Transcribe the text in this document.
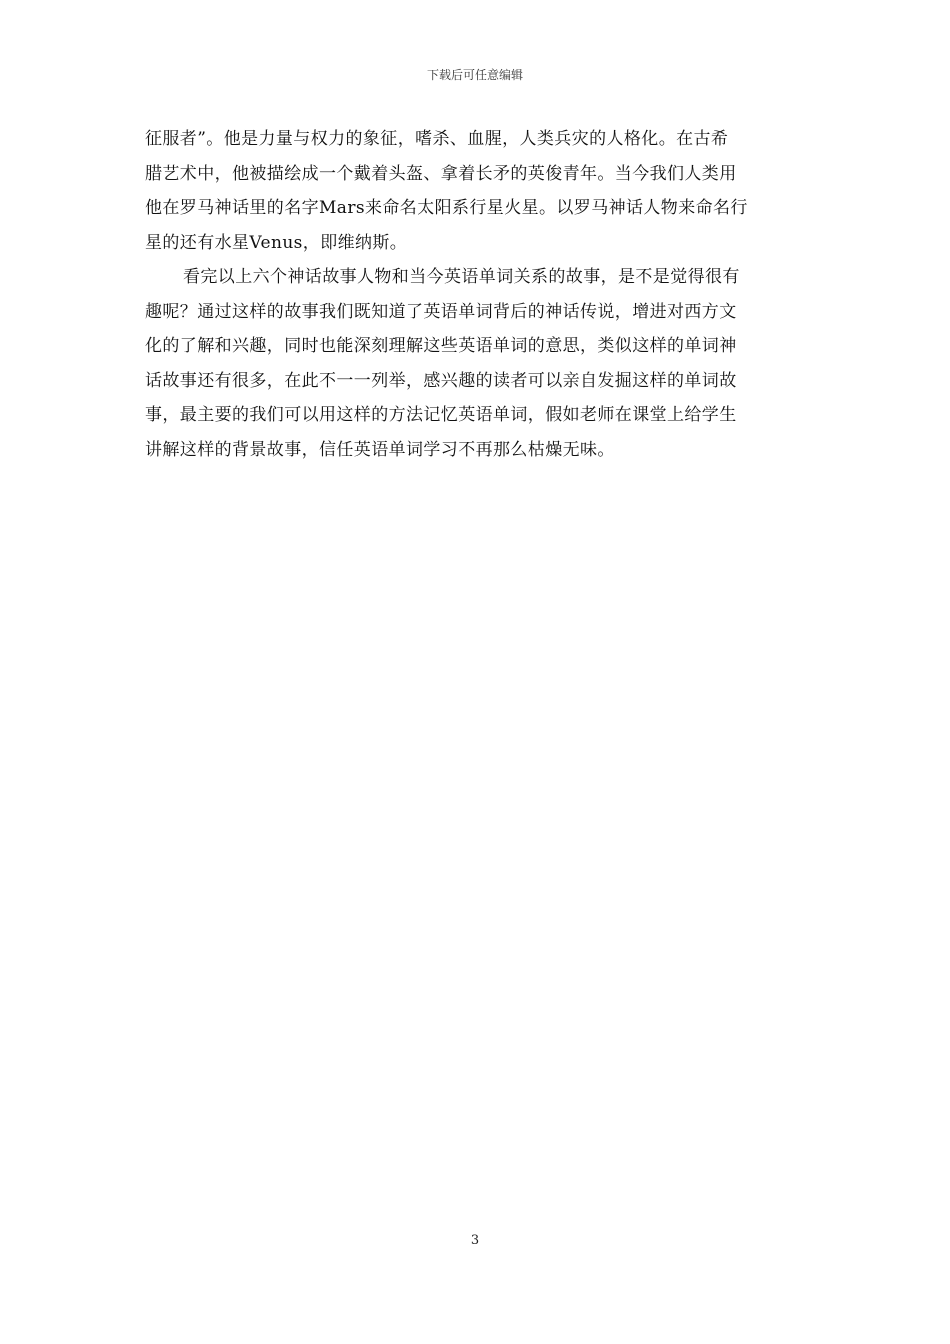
下载后可任意编辑
征服者”。他是力量与权力的象征，嗜杀、血腥，人类兵灾的人格化。在古希
腊艺术中，他被描绘成一个戴着头盔、拿着长矛的英俊青年。当今我们人类用
他在罗马神话里的名字Mars来命名太阳系行星火星。以罗马神话人物来命名行
星的还有水星Venus，即维纳斯。
看完以上六个神话故事人物和当今英语单词关系的故事，是不是觉得很有
趣呢？通过这样的故事我们既知道了英语单词背后的神话传说，增进对西方文
化的了解和兴趣，同时也能深刻理解这些英语单词的意思，类似这样的单词神
话故事还有很多，在此不一一列举，感兴趣的读者可以亲自发掘这样的单词故
事，最主要的我们可以用这样的方法记忆英语单词，假如老师在课堂上给学生
讲解这样的背景故事，信任英语单词学习不再那么枯燥无味。
3
